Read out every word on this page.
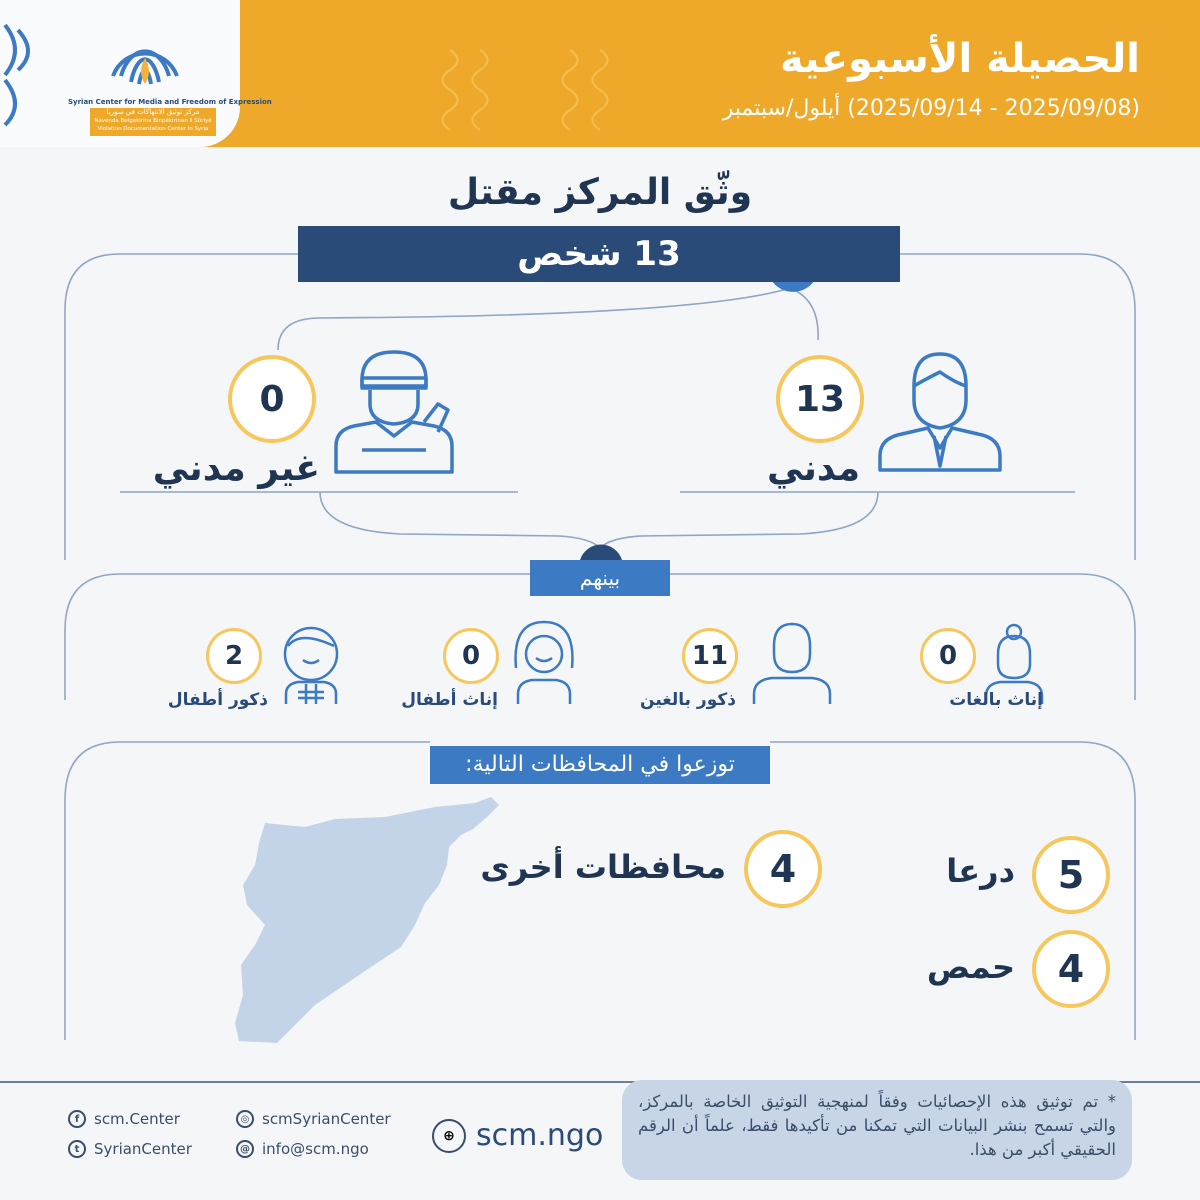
Syrian Center for Media and Freedom of Expression
مركز توثيق الانتهاكات في سوريا
Navenda Belgekirina Binpêkirinan li Sûriyê
Violation Documentation Center in Syria
الحصيلة الأسبوعية
(2025/09/08 - 2025/09/14) أيلول/سبتمبر
وثّق المركز مقتل
13 شخص
13
مدني
0
غير مدني
بينهم
0
إناث بالغات
11
ذكور بالغين
0
إناث أطفال
2
ذكور أطفال
توزعوا في المحافظات التالية:
5
درعا
4
حمص
4
محافظات أخرى
* تم توثيق هذه الإحصائيات وفقاً لمنهجية التوثيق الخاصة بالمركز، والتي تسمح بنشر البيانات التي تمكنا من تأكيدها فقط، علماً أن الرقم الحقيقي أكبر من هذا.
⊕ scm.ngo
◎ scmSyrianCenter
@ info@scm.ngo
f scm.Center
t SyrianCenter
